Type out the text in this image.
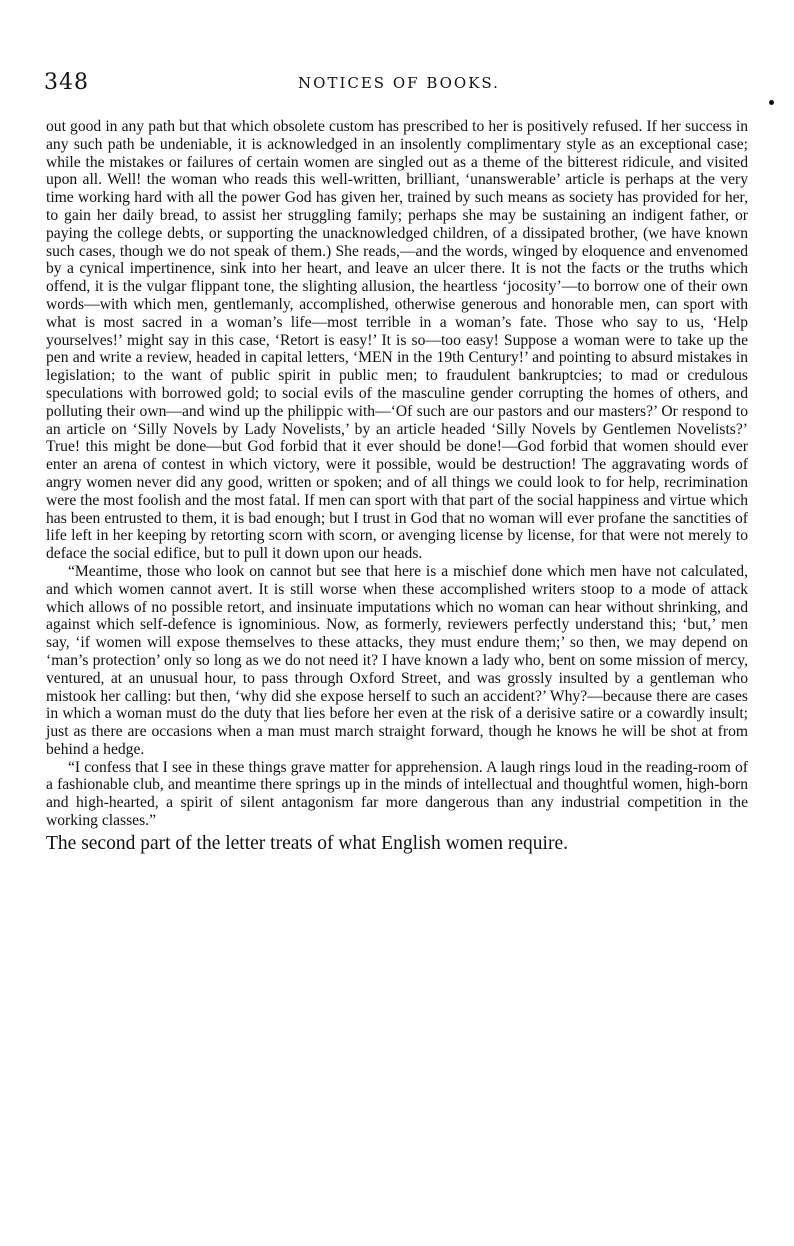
348	NOTICES OF BOOKS.

out good in any path but that which obsolete custom has prescribed to her is positively refused. If her success in any such path be undeniable, it is acknowledged in an insolently complimentary style as an exceptional case; while the mistakes or failures of certain women are singled out as a theme of the bitterest ridicule, and visited upon all. Well! the woman who reads this well-written, brilliant, ‘unanswerable’ article is perhaps at the very time working hard with all the power God has given her, trained by such means as society has provided for her, to gain her daily bread, to assist her struggling family; perhaps she may be sustaining an indigent father, or paying the college debts, or supporting the unacknowledged children, of a dissipated brother, (we have known such cases, though we do not speak of them.) She reads,—and the words, winged by eloquence and envenomed by a cynical impertinence, sink into her heart, and leave an ulcer there. It is not the facts or the truths which offend, it is the vulgar flippant tone, the slighting allusion, the heartless ‘jocosity’—to borrow one of their own words—with which men, gentlemanly, accomplished, otherwise generous and honorable men, can sport with what is most sacred in a woman’s life—most terrible in a woman’s fate. Those who say to us, ‘Help yourselves!’ might say in this case, ‘Retort is easy!’ It is so—too easy! Suppose a woman were to take up the pen and write a review, headed in capital letters, ‘MEN in the 19th Century!’ and pointing to absurd mistakes in legislation; to the want of public spirit in public men; to fraudulent bankruptcies; to mad or credulous speculations with borrowed gold; to social evils of the masculine gender corrupting the homes of others, and polluting their own—and wind up the philippic with—‘Of such are our pastors and our masters?’ Or respond to an article on ‘Silly Novels by Lady Novelists,’ by an article headed ‘Silly Novels by Gentlemen Novelists?’ True! this might be done—but God forbid that it ever should be done!—God forbid that women should ever enter an arena of contest in which victory, were it possible, would be destruction! The aggravating words of angry women never did any good, written or spoken; and of all things we could look to for help, recrimination were the most foolish and the most fatal. If men can sport with that part of the social happiness and virtue which has been entrusted to them, it is bad enough; but I trust in God that no woman will ever profane the sanctities of life left in her keeping by retorting scorn with scorn, or avenging license by license, for that were not merely to deface the social edifice, but to pull it down upon our heads.

“Meantime, those who look on cannot but see that here is a mischief done which men have not calculated, and which women cannot avert. It is still worse when these accomplished writers stoop to a mode of attack which allows of no possible retort, and insinuate imputations which no woman can hear without shrinking, and against which self-defence is ignominious. Now, as formerly, reviewers perfectly understand this; ‘but,’ men say, ‘if women will expose themselves to these attacks, they must endure them;’ so then, we may depend on ‘man’s protection’ only so long as we do not need it? I have known a lady who, bent on some mission of mercy, ventured, at an unusual hour, to pass through Oxford Street, and was grossly insulted by a gentleman who mistook her calling: but then, ‘why did she expose herself to such an accident?’ Why?—because there are cases in which a woman must do the duty that lies before her even at the risk of a derisive satire or a cowardly insult; just as there are occasions when a man must march straight forward, though he knows he will be shot at from behind a hedge.

“I confess that I see in these things grave matter for apprehension. A laugh rings loud in the reading-room of a fashionable club, and meantime there springs up in the minds of intellectual and thoughtful women, high-born and high-hearted, a spirit of silent antagonism far more dangerous than any industrial competition in the working classes.”

The second part of the letter treats of what English women require.
